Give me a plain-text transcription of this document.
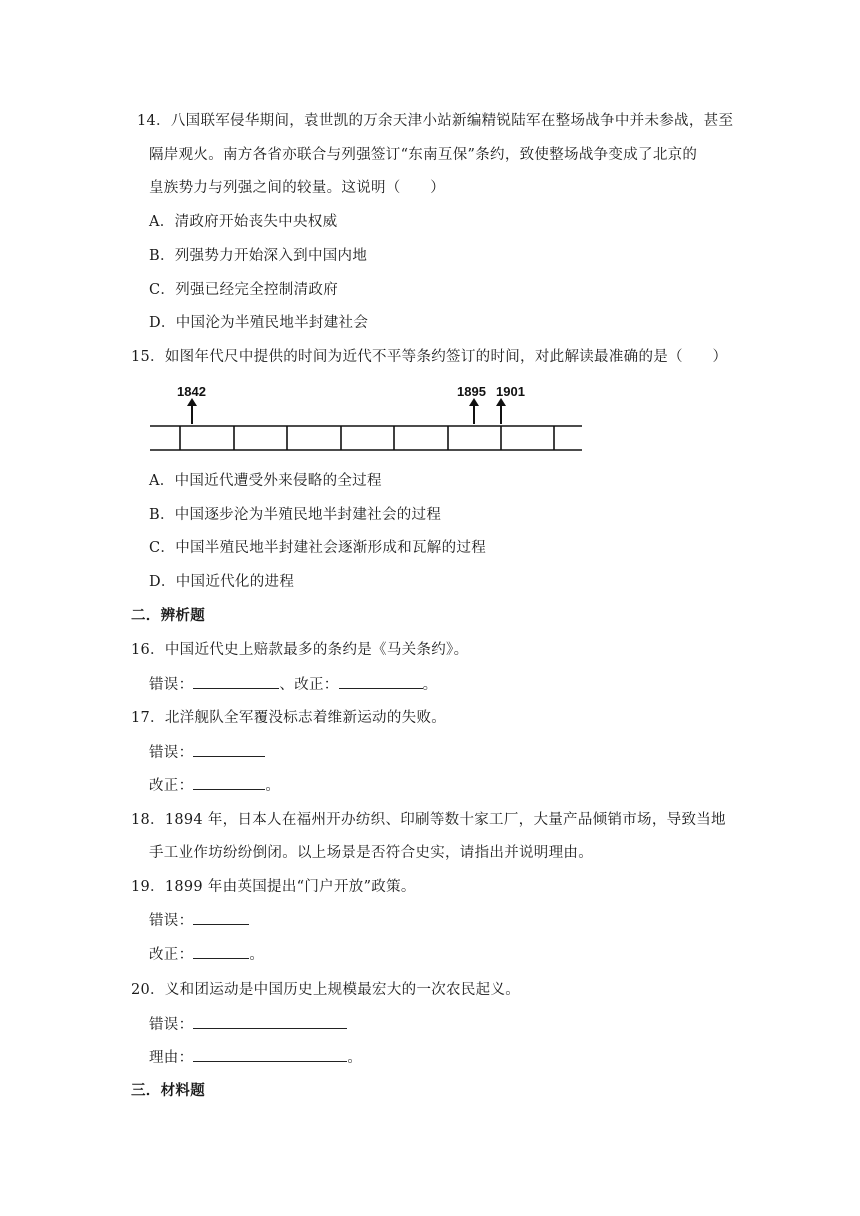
14．八国联军侵华期间，袁世凯的万余天津小站新编精锐陆军在整场战争中并未参战，甚至
隔岸观火。南方各省亦联合与列强签订“东南互保”条约，致使整场战争变成了北京的
皇族势力与列强之间的较量。这说明（　　）
A．清政府开始丧失中央权威
B．列强势力开始深入到中国内地
C．列强已经完全控制清政府
D．中国沦为半殖民地半封建社会
15．如图年代尺中提供的时间为近代不平等条约签订的时间，对此解读最准确的是（　　）
1842	1895 1901
A．中国近代遭受外来侵略的全过程
B．中国逐步沦为半殖民地半封建社会的过程
C．中国半殖民地半封建社会逐渐形成和瓦解的过程
D．中国近代化的进程
二．辨析题
16．中国近代史上赔款最多的条约是《马关条约》。
错误：	、改正：	。
17．北洋舰队全军覆没标志着维新运动的失败。
错误：
改正：	。
18．1894 年，日本人在福州开办纺织、印刷等数十家工厂，大量产品倾销市场，导致当地
手工业作坊纷纷倒闭。以上场景是否符合史实，请指出并说明理由。
19．1899 年由英国提出“门户开放”政策。
错误：
改正：	。
20．义和团运动是中国历史上规模最宏大的一次农民起义。
错误：
理由：	。
三．材料题
